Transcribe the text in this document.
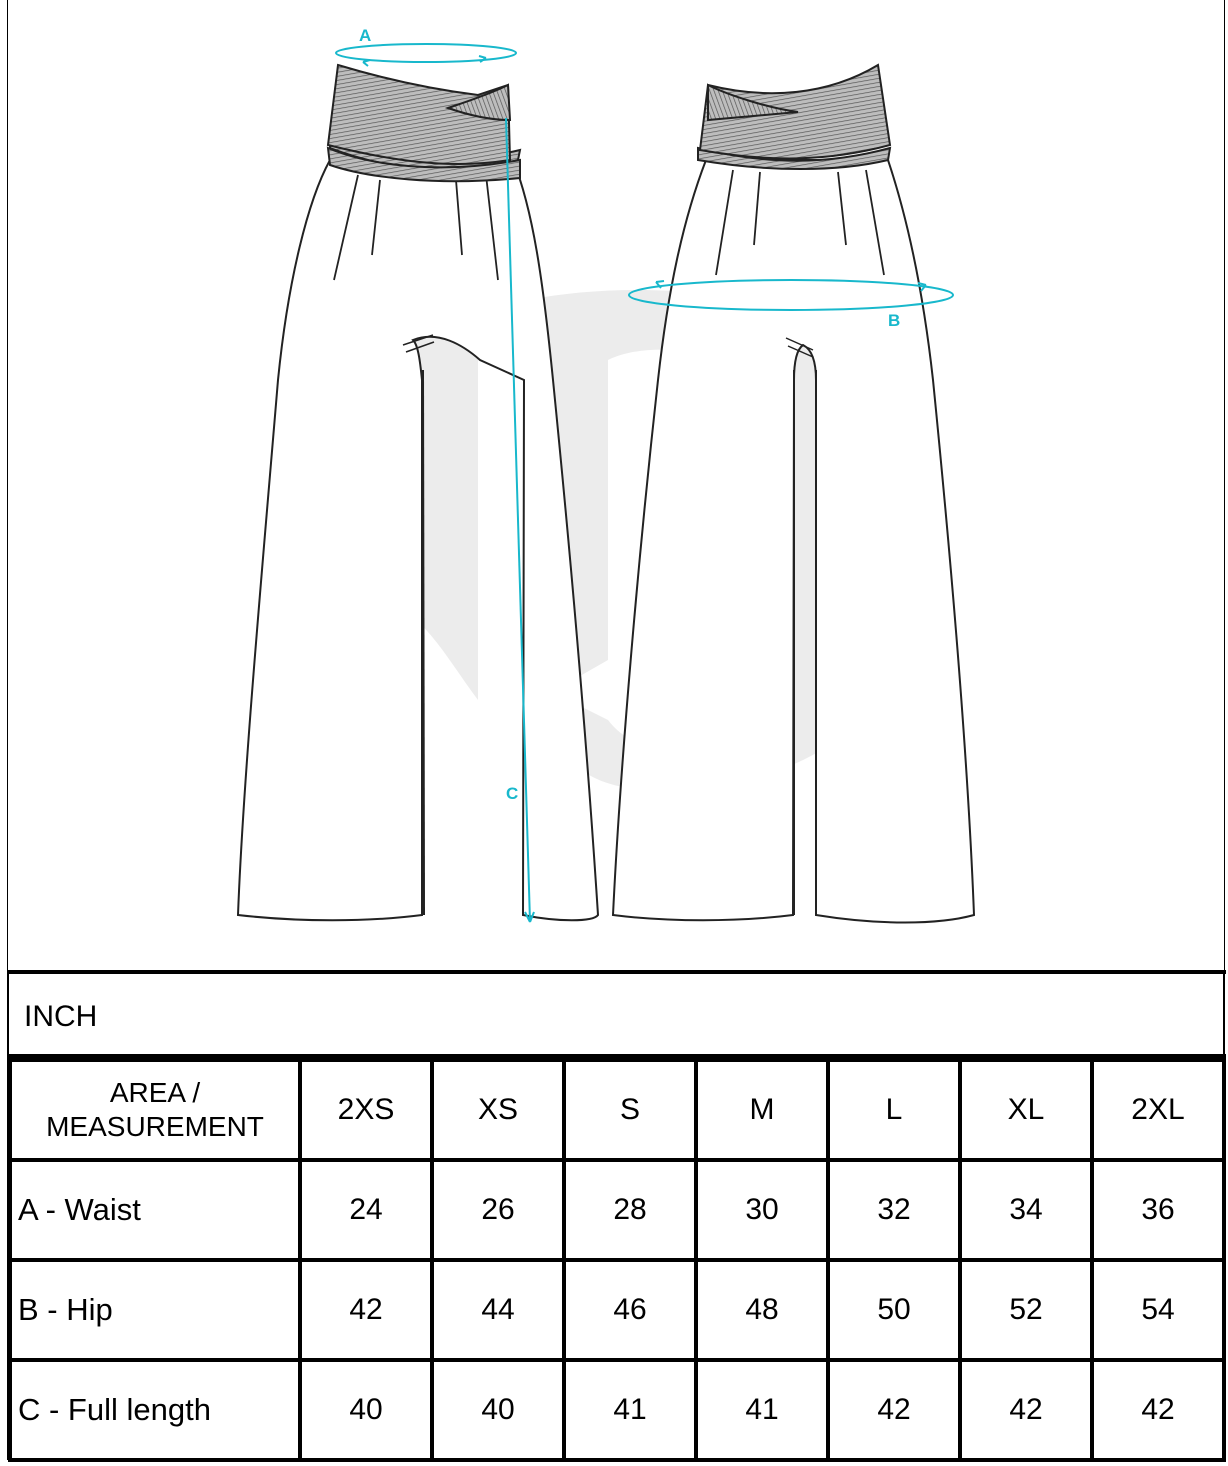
A
B
C
INCH
AREA /
MEASUREMENT	2XS	XS	S	M	L	XL	2XL
A - Waist	24	26	28	30	32	34	36
B - Hip	42	44	46	48	50	52	54
C - Full length	40	40	41	41	42	42	42
